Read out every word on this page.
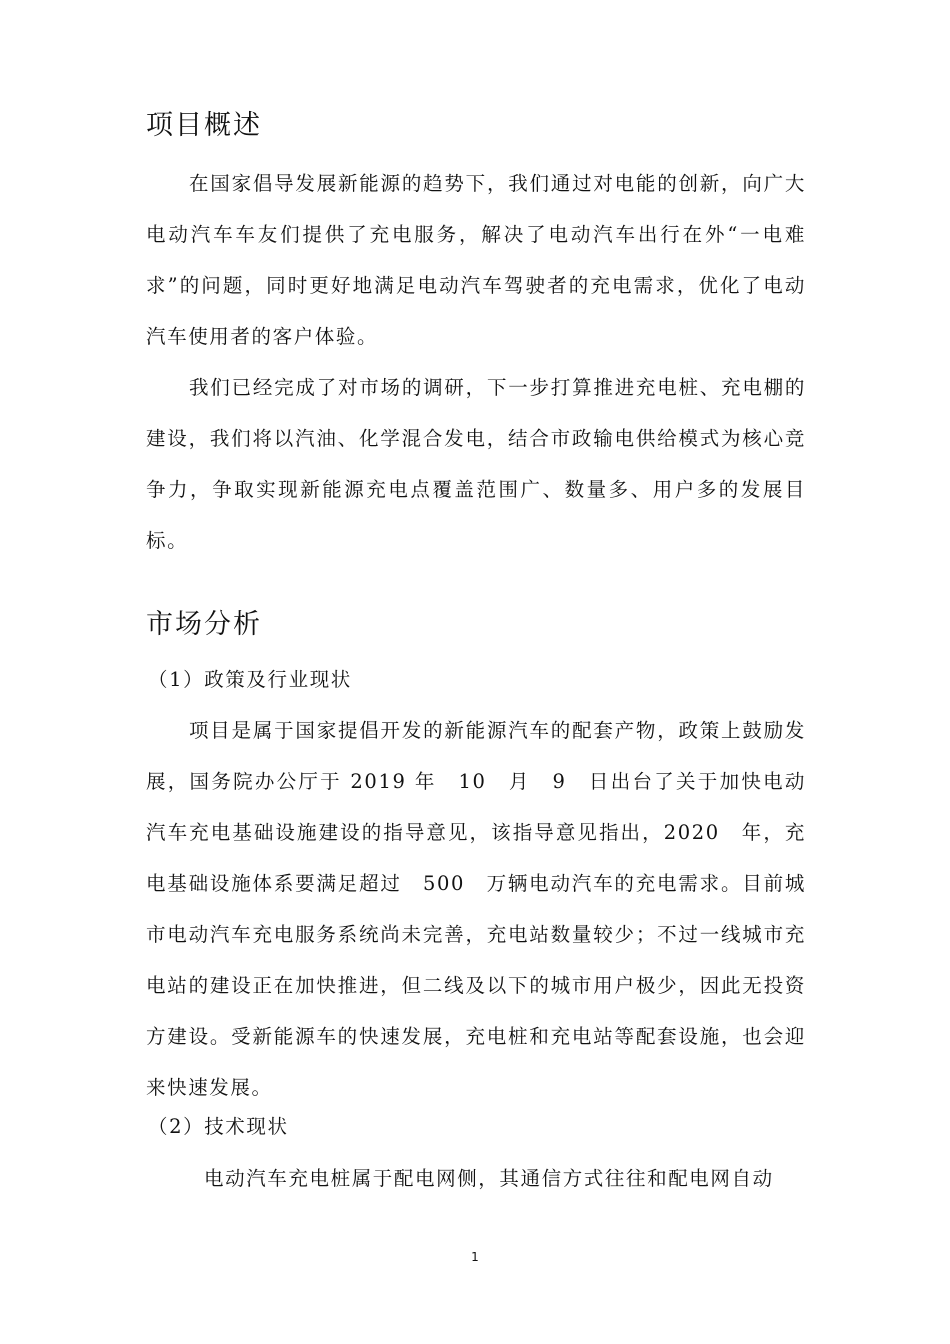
项目概述

在国家倡导发展新能源的趋势下，我们通过对电能的创新，向广大电动汽车车友们提供了充电服务，解决了电动汽车出行在外“一电难求”的问题，同时更好地满足电动汽车驾驶者的充电需求，优化了电动汽车使用者的客户体验。

我们已经完成了对市场的调研，下一步打算推进充电桩、充电棚的建设，我们将以汽油、化学混合发电，结合市政输电供给模式为核心竞争力，争取实现新能源充电点覆盖范围广、数量多、用户多的发展目标。

市场分析
（1）政策及行业现状

项目是属于国家提倡开发的新能源汽车的配套产物，政策上鼓励发展，国务院办公厅于 2019 年　10　月　9　日出台了关于加快电动汽车充电基础设施建设的指导意见，该指导意见指出，2020　年，充电基础设施体系要满足超过　500　万辆电动汽车的充电需求。目前城市电动汽车充电服务系统尚未完善，充电站数量较少；不过一线城市充电站的建设正在加快推进，但二线及以下的城市用户极少，因此无投资方建设。受新能源车的快速发展，充电桩和充电站等配套设施，也会迎来快速发展。

（2）技术现状

电动汽车充电桩属于配电网侧，其通信方式往往和配电网自动

1
